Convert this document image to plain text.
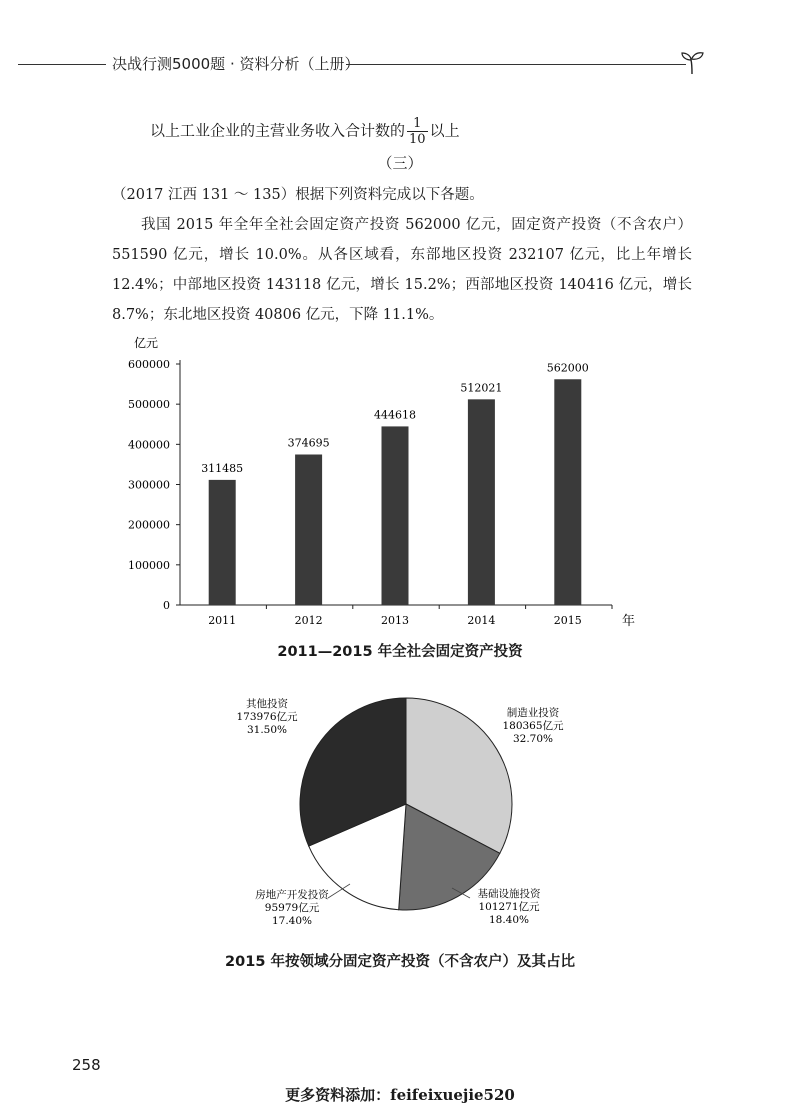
决战行测5000题 · 资料分析（上册）
以上工业企业的主营业务收入合计数的 $\frac{1}{10}$ 以上
（三）
（2017 江西 131 ～ 135）根据下列资料完成以下各题。
我国 2015 年全年全社会固定资产投资 562000 亿元，固定资产投资（不含农户）551590 亿元，增长 10.0%。从各区域看，东部地区投资 232107 亿元，比上年增长 12.4%；中部地区投资 143118 亿元，增长 15.2%；西部地区投资 140416 亿元，增长 8.7%；东北地区投资 40806 亿元，下降 11.1%。
亿元
年
0
100000
200000
300000
400000
500000
600000
311485
2011
374695
2012
444618
2013
512021
2014
562000
2015
制造业投资
180365亿元
32.70%
基础设施投资
101271亿元
18.40%
房地产开发投资
95979亿元
17.40%
其他投资
173976亿元
31.50%
2011—2015 年全社会固定资产投资
2015 年按领域分固定资产投资（不含农户）及其占比
258
更多资料添加：feifeixuejie520
